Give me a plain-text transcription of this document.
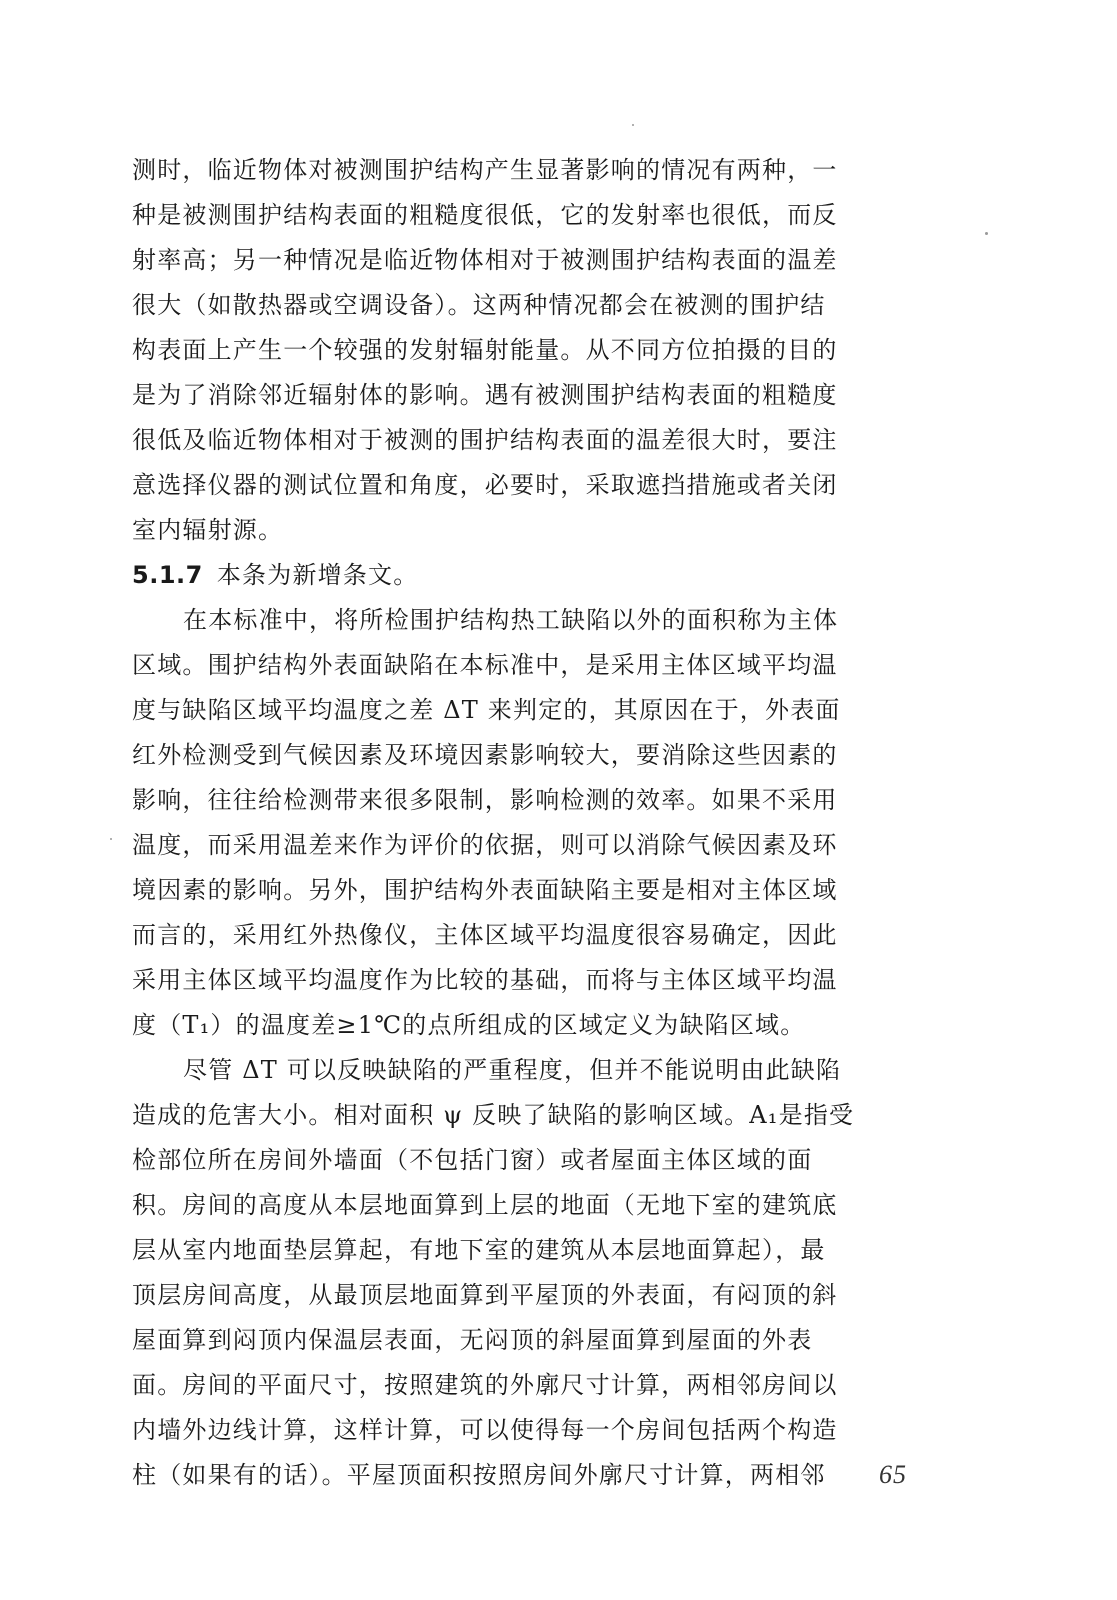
测时，临近物体对被测围护结构产生显著影响的情况有两种，一
种是被测围护结构表面的粗糙度很低，它的发射率也很低，而反
射率高；另一种情况是临近物体相对于被测围护结构表面的温差
很大（如散热器或空调设备）。这两种情况都会在被测的围护结
构表面上产生一个较强的发射辐射能量。从不同方位拍摄的目的
是为了消除邻近辐射体的影响。遇有被测围护结构表面的粗糙度
很低及临近物体相对于被测的围护结构表面的温差很大时，要注
意选择仪器的测试位置和角度，必要时，采取遮挡措施或者关闭
室内辐射源。
5.1.7 本条为新增条文。
在本标准中，将所检围护结构热工缺陷以外的面积称为主体
区域。围护结构外表面缺陷在本标准中，是采用主体区域平均温
度与缺陷区域平均温度之差 ΔT 来判定的，其原因在于，外表面
红外检测受到气候因素及环境因素影响较大，要消除这些因素的
影响，往往给检测带来很多限制，影响检测的效率。如果不采用
温度，而采用温差来作为评价的依据，则可以消除气候因素及环
境因素的影响。另外，围护结构外表面缺陷主要是相对主体区域
而言的，采用红外热像仪，主体区域平均温度很容易确定，因此
采用主体区域平均温度作为比较的基础，而将与主体区域平均温
度（T₁）的温度差≥1℃的点所组成的区域定义为缺陷区域。
尽管 ΔT 可以反映缺陷的严重程度，但并不能说明由此缺陷
造成的危害大小。相对面积 ψ 反映了缺陷的影响区域。A₁是指受
检部位所在房间外墙面（不包括门窗）或者屋面主体区域的面
积。房间的高度从本层地面算到上层的地面（无地下室的建筑底
层从室内地面垫层算起，有地下室的建筑从本层地面算起），最
顶层房间高度，从最顶层地面算到平屋顶的外表面，有闷顶的斜
屋面算到闷顶内保温层表面，无闷顶的斜屋面算到屋面的外表
面。房间的平面尺寸，按照建筑的外廓尺寸计算，两相邻房间以
内墙外边线计算，这样计算，可以使得每一个房间包括两个构造
柱（如果有的话）。平屋顶面积按照房间外廓尺寸计算，两相邻	65
